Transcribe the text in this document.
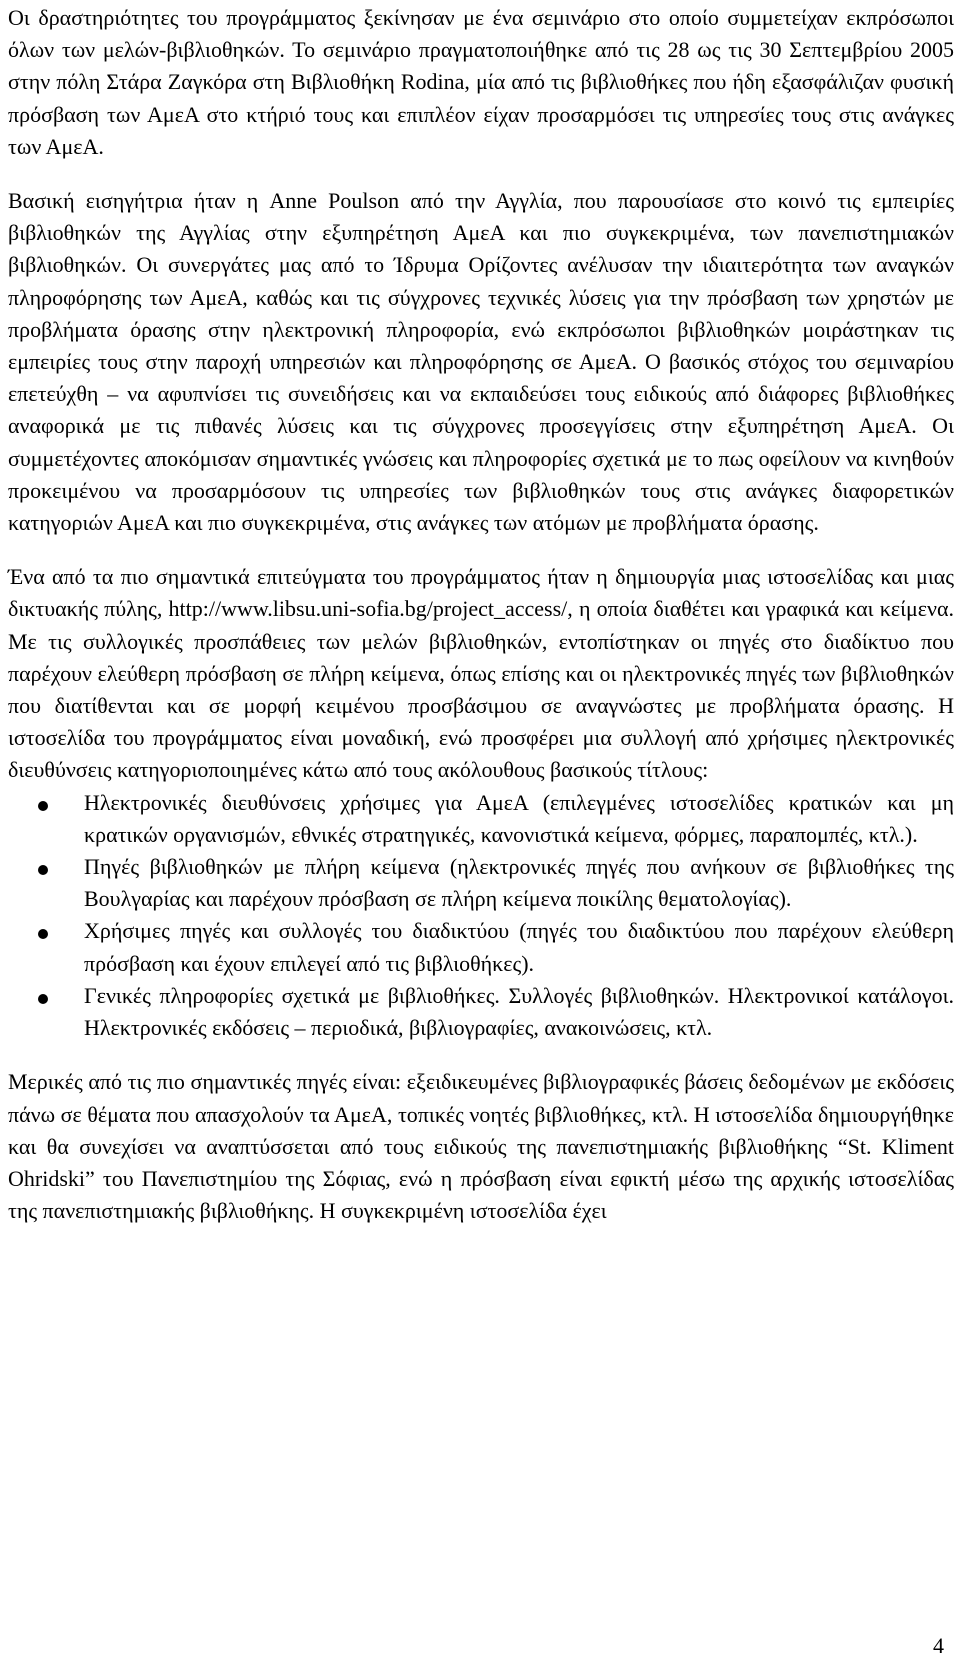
Οι δραστηριότητες του προγράμματος ξεκίνησαν με ένα σεμινάριο στο οποίο συμμετείχαν εκπρόσωποι όλων των μελών-βιβλιοθηκών. Το σεμινάριο πραγματοποιήθηκε από τις 28 ως τις 30 Σεπτεμβρίου 2005 στην πόλη Στάρα Ζαγκόρα στη Βιβλιοθήκη Rodina, μία από τις βιβλιοθήκες που ήδη εξασφάλιζαν φυσική πρόσβαση των ΑμεΑ στο κτήριό τους και επιπλέον είχαν προσαρμόσει τις υπηρεσίες τους στις ανάγκες των ΑμεΑ.

Βασική εισηγήτρια ήταν η Anne Poulson από την Αγγλία, που παρουσίασε στο κοινό τις εμπειρίες βιβλιοθηκών της Αγγλίας στην εξυπηρέτηση ΑμεΑ και πιο συγκεκριμένα, των πανεπιστημιακών βιβλιοθηκών. Οι συνεργάτες μας από το Ίδρυμα Ορίζοντες ανέλυσαν την ιδιαιτερότητα των αναγκών πληροφόρησης των ΑμεΑ, καθώς και τις σύγχρονες τεχνικές λύσεις για την πρόσβαση των χρηστών με προβλήματα όρασης στην ηλεκτρονική πληροφορία, ενώ εκπρόσωποι βιβλιοθηκών μοιράστηκαν τις εμπειρίες τους στην παροχή υπηρεσιών και πληροφόρησης σε ΑμεΑ. Ο βασικός στόχος του σεμιναρίου επετεύχθη – να αφυπνίσει τις συνειδήσεις και να εκπαιδεύσει τους ειδικούς από διάφορες βιβλιοθήκες αναφορικά με τις πιθανές λύσεις και τις σύγχρονες προσεγγίσεις στην εξυπηρέτηση ΑμεΑ. Οι συμμετέχοντες αποκόμισαν σημαντικές γνώσεις και πληροφορίες σχετικά με το πως οφείλουν να κινηθούν προκειμένου να προσαρμόσουν τις υπηρεσίες των βιβλιοθηκών τους στις ανάγκες διαφορετικών κατηγοριών ΑμεΑ και πιο συγκεκριμένα, στις ανάγκες των ατόμων με προβλήματα όρασης.

Ένα από τα πιο σημαντικά επιτεύγματα του προγράμματος ήταν η δημιουργία μιας ιστοσελίδας και μιας δικτυακής πύλης, http://www.libsu.uni-sofia.bg/project_access/, η οποία διαθέτει και γραφικά και κείμενα. Με τις συλλογικές προσπάθειες των μελών βιβλιοθηκών, εντοπίστηκαν οι πηγές στο διαδίκτυο που παρέχουν ελεύθερη πρόσβαση σε πλήρη κείμενα, όπως επίσης και οι ηλεκτρονικές πηγές των βιβλιοθηκών που διατίθενται και σε μορφή κειμένου προσβάσιμου σε αναγνώστες με προβλήματα όρασης. Η ιστοσελίδα του προγράμματος είναι μοναδική, ενώ προσφέρει μια συλλογή από χρήσιμες ηλεκτρονικές διευθύνσεις κατηγοριοποιημένες κάτω από τους ακόλουθους βασικούς τίτλους:

Ηλεκτρονικές διευθύνσεις χρήσιμες για ΑμεΑ (επιλεγμένες ιστοσελίδες κρατικών και μη κρατικών οργανισμών, εθνικές στρατηγικές, κανονιστικά κείμενα, φόρμες, παραπομπές, κτλ.).
Πηγές βιβλιοθηκών με πλήρη κείμενα (ηλεκτρονικές πηγές που ανήκουν σε βιβλιοθήκες της Βουλγαρίας και παρέχουν πρόσβαση σε πλήρη κείμενα ποικίλης θεματολογίας).
Χρήσιμες πηγές και συλλογές του διαδικτύου (πηγές του διαδικτύου που παρέχουν ελεύθερη πρόσβαση και έχουν επιλεγεί από τις βιβλιοθήκες).
Γενικές πληροφορίες σχετικά με βιβλιοθήκες. Συλλογές βιβλιοθηκών. Ηλεκτρονικοί κατάλογοι. Ηλεκτρονικές εκδόσεις – περιοδικά, βιβλιογραφίες, ανακοινώσεις, κτλ.

Μερικές από τις πιο σημαντικές πηγές είναι: εξειδικευμένες βιβλιογραφικές βάσεις δεδομένων με εκδόσεις πάνω σε θέματα που απασχολούν τα ΑμεΑ, τοπικές νοητές βιβλιοθήκες, κτλ. Η ιστοσελίδα δημιουργήθηκε και θα συνεχίσει να αναπτύσσεται από τους ειδικούς της πανεπιστημιακής βιβλιοθήκης “St. Kliment Ohridski” του Πανεπιστημίου της Σόφιας, ενώ η πρόσβαση είναι εφικτή μέσω της αρχικής ιστοσελίδας της πανεπιστημιακής βιβλιοθήκης. Η συγκεκριμένη ιστοσελίδα έχει

4
